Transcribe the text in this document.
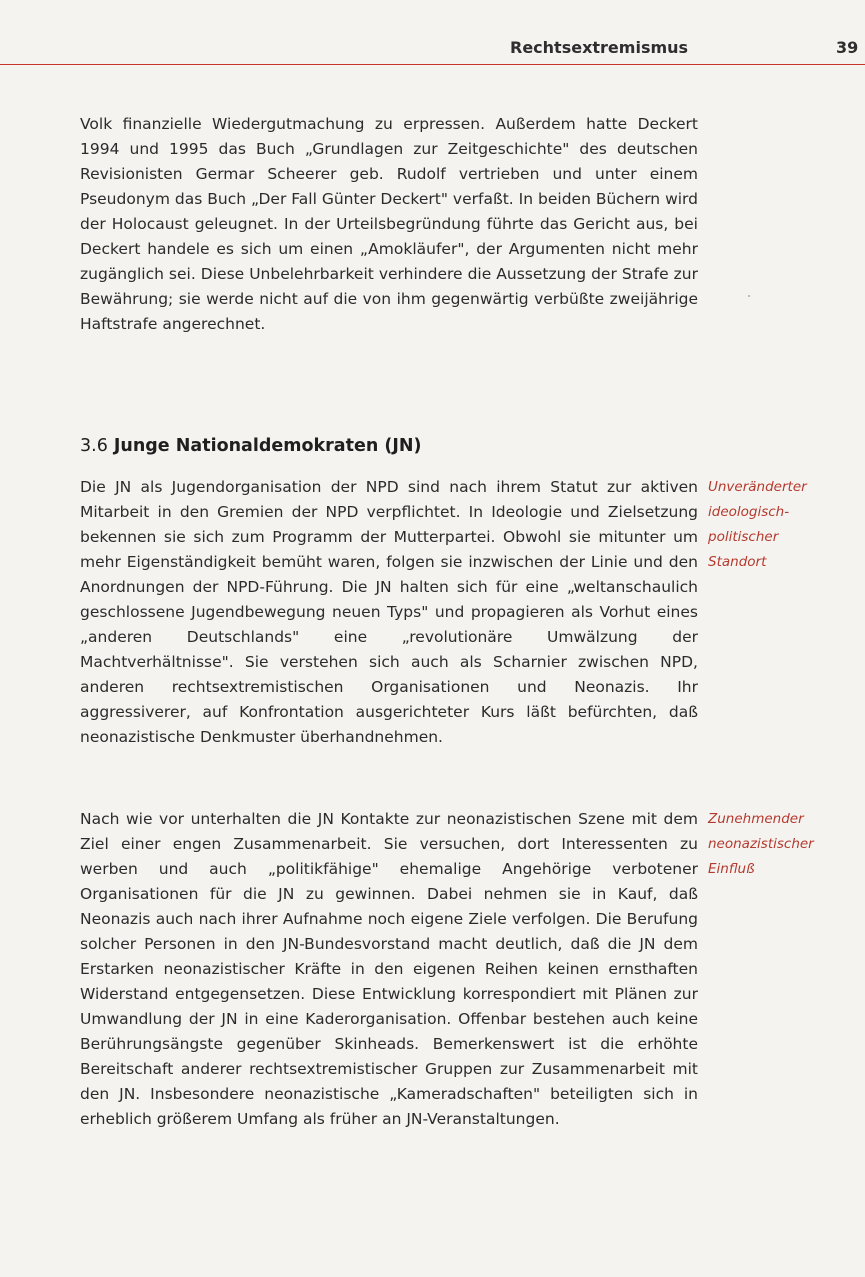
Rechtsextremismus	39

Volk finanzielle Wiedergutmachung zu erpressen. Außerdem hatte Deckert 1994 und 1995 das Buch „Grundlagen zur Zeitgeschichte" des deutschen Revisionisten Germar Scheerer geb. Rudolf vertrieben und unter einem Pseudonym das Buch „Der Fall Günter Deckert" verfaßt. In beiden Büchern wird der Holocaust geleugnet. In der Urteilsbegründung führte das Gericht aus, bei Deckert handele es sich um einen „Amokläufer", der Argumenten nicht mehr zugänglich sei. Diese Unbelehrbarkeit verhindere die Aussetzung der Strafe zur Bewährung; sie werde nicht auf die von ihm gegenwärtig verbüßte zweijährige Haftstrafe angerechnet.

3.6 Junge Nationaldemokraten (JN)

Die JN als Jugendorganisation der NPD sind nach ihrem Statut zur aktiven Mitarbeit in den Gremien der NPD verpflichtet. In Ideologie und Zielsetzung bekennen sie sich zum Programm der Mutterpartei. Obwohl sie mitunter um mehr Eigenständigkeit bemüht waren, folgen sie inzwischen der Linie und den Anordnungen der NPD-Führung. Die JN halten sich für eine „weltanschaulich geschlossene Jugendbewegung neuen Typs" und propagieren als Vorhut eines „anderen Deutschlands" eine „revolutionäre Umwälzung der Machtverhältnisse". Sie verstehen sich auch als Scharnier zwischen NPD, anderen rechtsextremistischen Organisationen und Neonazis. Ihr aggressiverer, auf Konfrontation ausgerichteter Kurs läßt befürchten, daß neonazistische Denkmuster überhandnehmen.

Unveränderter
ideologisch-
politischer
Standort

Nach wie vor unterhalten die JN Kontakte zur neonazistischen Szene mit dem Ziel einer engen Zusammenarbeit. Sie versuchen, dort Interessenten zu werben und auch „politikfähige" ehemalige Angehörige verbotener Organisationen für die JN zu gewinnen. Dabei nehmen sie in Kauf, daß Neonazis auch nach ihrer Aufnahme noch eigene Ziele verfolgen. Die Berufung solcher Personen in den JN-Bundesvorstand macht deutlich, daß die JN dem Erstarken neonazistischer Kräfte in den eigenen Reihen keinen ernsthaften Widerstand entgegensetzen. Diese Entwicklung korrespondiert mit Plänen zur Umwandlung der JN in eine Kaderorganisation. Offenbar bestehen auch keine Berührungsängste gegenüber Skinheads. Bemerkenswert ist die erhöhte Bereitschaft anderer rechtsextremistischer Gruppen zur Zusammenarbeit mit den JN. Insbesondere neonazistische „Kameradschaften" beteiligten sich in erheblich größerem Umfang als früher an JN-Veranstaltungen.

Zunehmender
neonazistischer
Einfluß
